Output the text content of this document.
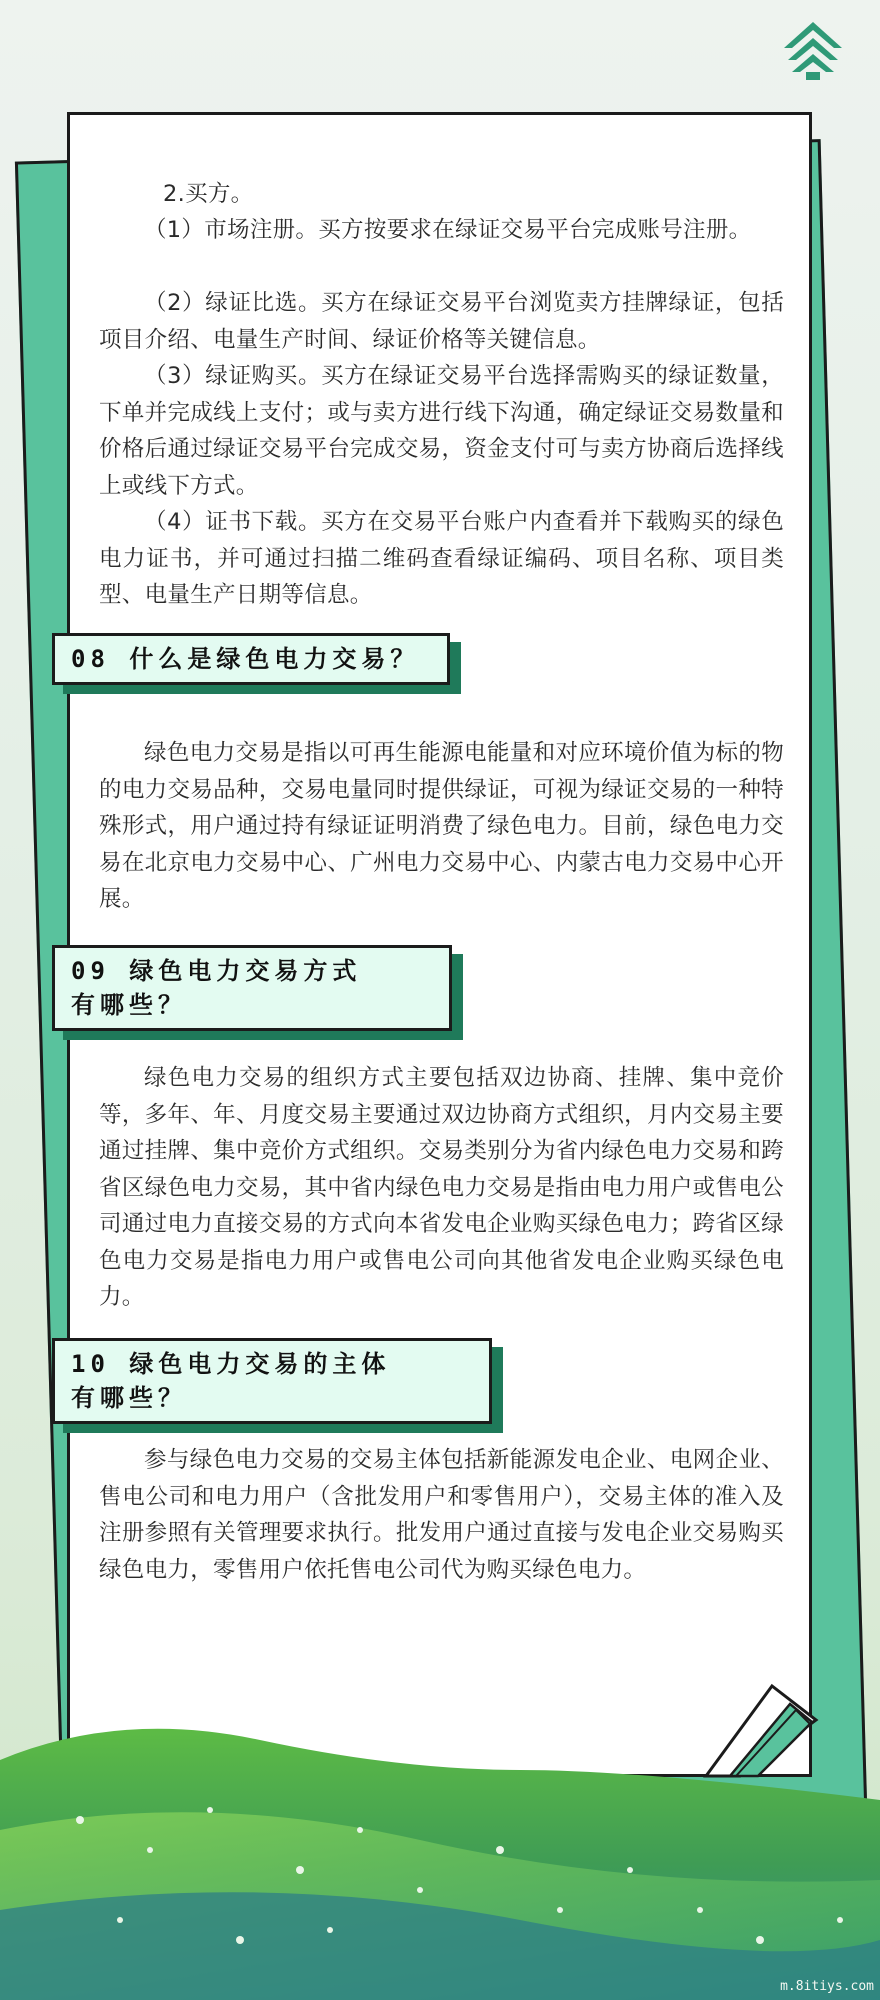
2.买方。

（1）市场注册。买方按要求在绿证交易平台完成账号注册。

（2）绿证比选。买方在绿证交易平台浏览卖方挂牌绿证，包括项目介绍、电量生产时间、绿证价格等关键信息。

（3）绿证购买。买方在绿证交易平台选择需购买的绿证数量，下单并完成线上支付；或与卖方进行线下沟通，确定绿证交易数量和价格后通过绿证交易平台完成交易，资金支付可与卖方协商后选择线上或线下方式。

（4）证书下载。买方在交易平台账户内查看并下载购买的绿色电力证书，并可通过扫描二维码查看绿证编码、项目名称、项目类型、电量生产日期等信息。

08 什么是绿色电力交易？

绿色电力交易是指以可再生能源电能量和对应环境价值为标的物的电力交易品种，交易电量同时提供绿证，可视为绿证交易的一种特殊形式，用户通过持有绿证证明消费了绿色电力。目前，绿色电力交易在北京电力交易中心、广州电力交易中心、内蒙古电力交易中心开展。

09 绿色电力交易方式
有哪些？

绿色电力交易的组织方式主要包括双边协商、挂牌、集中竞价等，多年、年、月度交易主要通过双边协商方式组织，月内交易主要通过挂牌、集中竞价方式组织。交易类别分为省内绿色电力交易和跨省区绿色电力交易，其中省内绿色电力交易是指由电力用户或售电公司通过电力直接交易的方式向本省发电企业购买绿色电力；跨省区绿色电力交易是指电力用户或售电公司向其他省发电企业购买绿色电力。

10 绿色电力交易的主体
有哪些？

参与绿色电力交易的交易主体包括新能源发电企业、电网企业、售电公司和电力用户（含批发用户和零售用户），交易主体的准入及注册参照有关管理要求执行。批发用户通过直接与发电企业交易购买绿色电力，零售用户依托售电公司代为购买绿色电力。

m.8itiys.com
